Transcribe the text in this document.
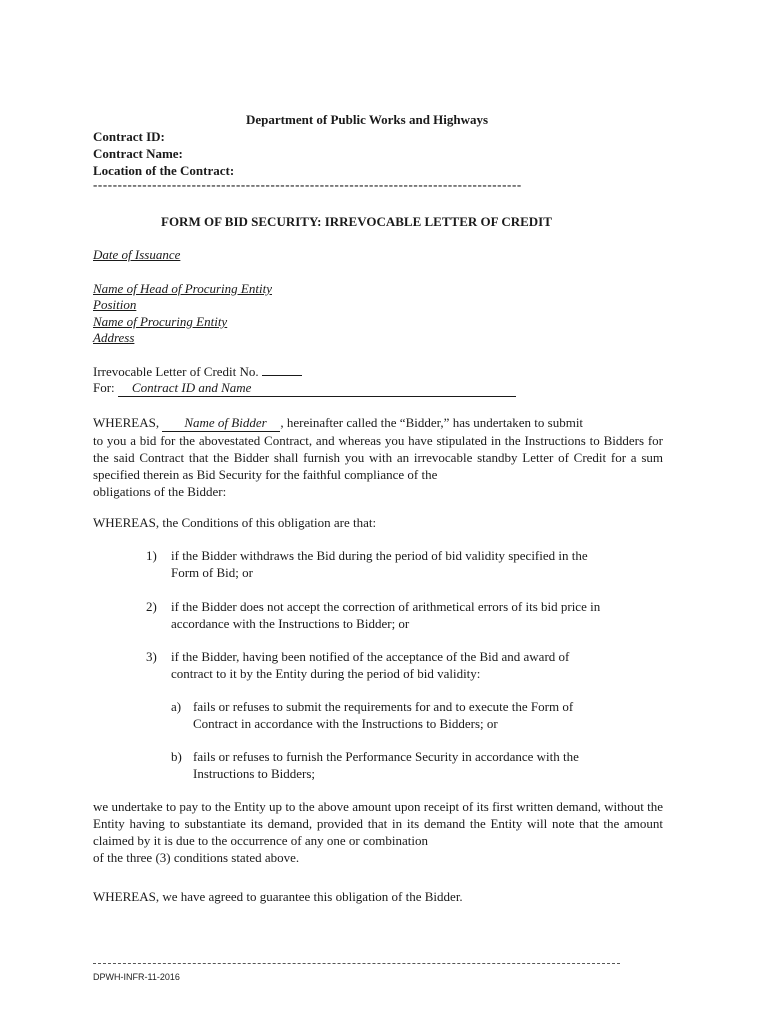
Department of Public Works and Highways
Contract ID:
Contract Name:
Location of the Contract:
---------------------------------------------------------------------------------------
FORM OF BID SECURITY: IRREVOCABLE LETTER OF CREDIT
Date of Issuance
Name of Head of Procuring Entity
Position
Name of Procuring Entity
Address
Irrevocable Letter of Credit No.
For: Contract ID and Name
WHEREAS, Name of Bidder , hereinafter called the “Bidder,” has undertaken to submit
to you a bid for the abovestated Contract, and whereas you have stipulated in the Instructions to Bidders for the said Contract that the Bidder shall furnish you with an irrevocable standby Letter of Credit for a sum specified therein as Bid Security for the faithful compliance of the
obligations of the Bidder:
WHEREAS, the Conditions of this obligation are that:
1) if the Bidder withdraws the Bid during the period of bid validity specified in the
Form of Bid; or
2) if the Bidder does not accept the correction of arithmetical errors of its bid price in
accordance with the Instructions to Bidder; or
3) if the Bidder, having been notified of the acceptance of the Bid and award of
contract to it by the Entity during the period of bid validity:
a) fails or refuses to submit the requirements for and to execute the Form of
Contract in accordance with the Instructions to Bidders; or
b) fails or refuses to furnish the Performance Security in accordance with the
Instructions to Bidders;
we undertake to pay to the Entity up to the above amount upon receipt of its first written demand, without the Entity having to substantiate its demand, provided that in its demand the Entity will note that the amount claimed by it is due to the occurrence of any one or combination
of the three (3) conditions stated above.
WHEREAS, we have agreed to guarantee this obligation of the Bidder.
DPWH-INFR-11-2016
